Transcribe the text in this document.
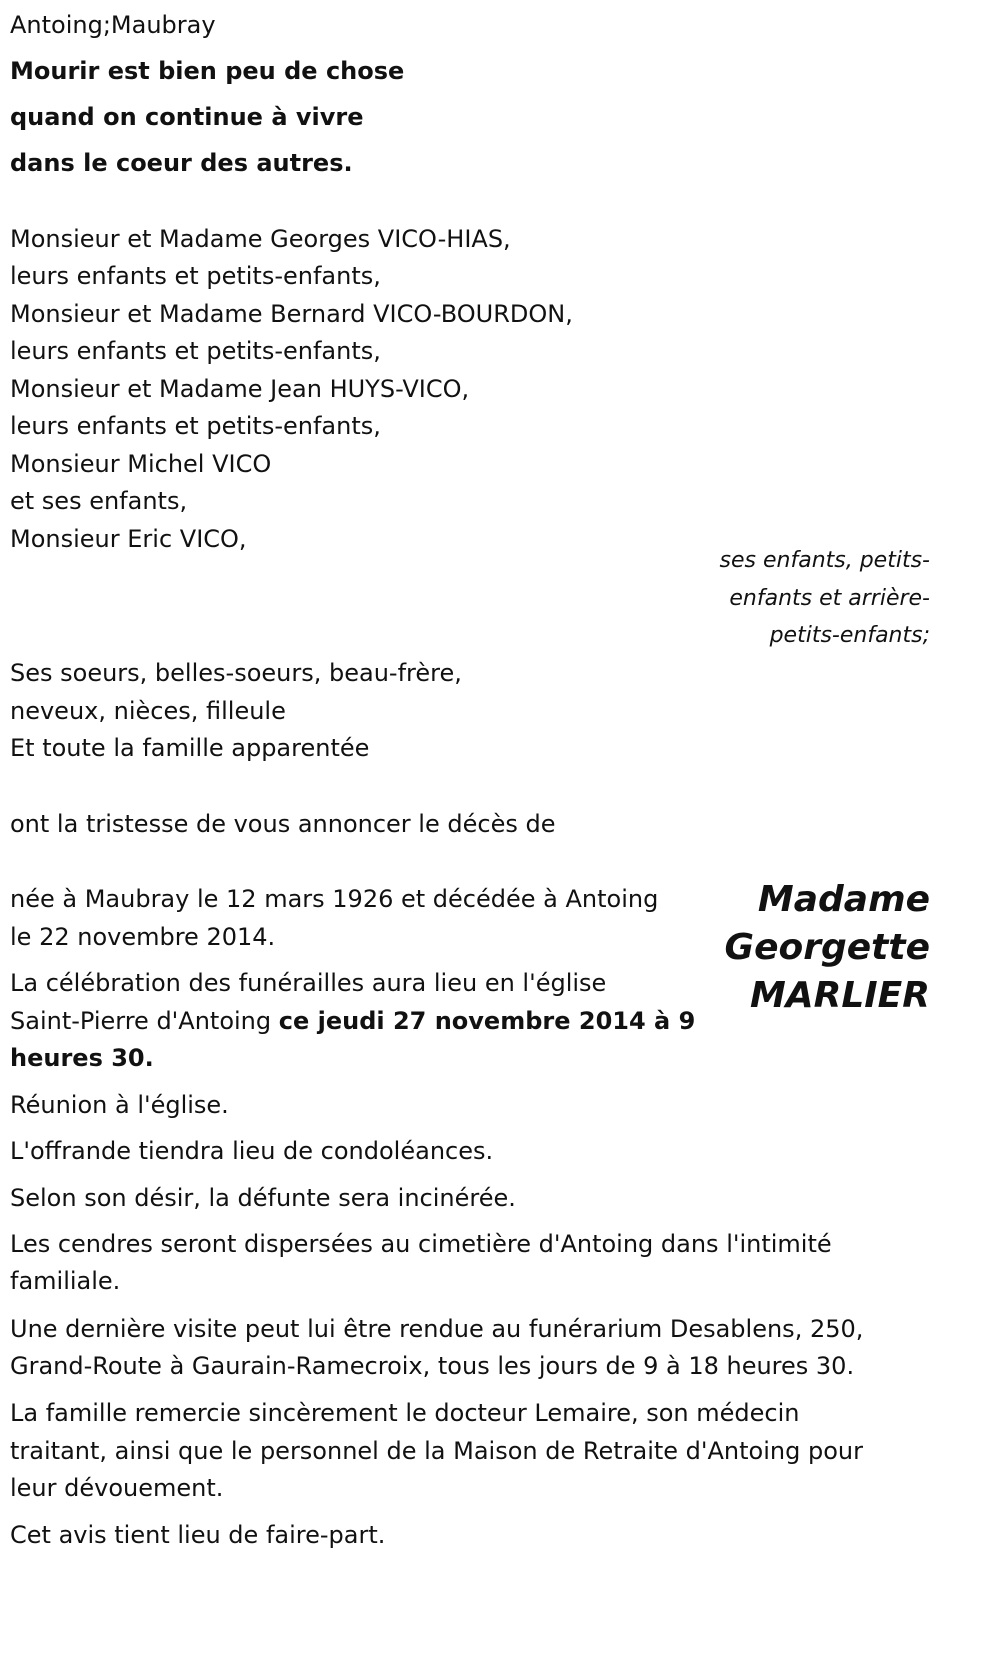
Antoing;Maubray
Mourir est bien peu de chose
quand on continue à vivre
dans le coeur des autres.
Monsieur et Madame Georges VICO-HIAS,
leurs enfants et petits-enfants,
Monsieur et Madame Bernard VICO-BOURDON,
leurs enfants et petits-enfants,
Monsieur et Madame Jean HUYS-VICO,
leurs enfants et petits-enfants,
Monsieur Michel VICO
et ses enfants,
Monsieur Eric VICO,
ses enfants, petits-
enfants et arrière-
petits-enfants;
Ses soeurs, belles-soeurs, beau-frère,
neveux, nièces, filleule
Et toute la famille apparentée
ont la tristesse de vous annoncer le décès de
Madame
Georgette
MARLIER
née à Maubray le 12 mars 1926 et décédée à Antoing
le 22 novembre 2014.
La célébration des funérailles aura lieu en l'église
Saint-Pierre d'Antoing ce jeudi 27 novembre 2014 à 9
heures 30.
Réunion à l'église.
L'offrande tiendra lieu de condoléances.
Selon son désir, la défunte sera incinérée.
Les cendres seront dispersées au cimetière d'Antoing dans l'intimité
familiale.
Une dernière visite peut lui être rendue au funérarium Desablens, 250,
Grand-Route à Gaurain-Ramecroix, tous les jours de 9 à 18 heures 30.
La famille remercie sincèrement le docteur Lemaire, son médecin
traitant, ainsi que le personnel de la Maison de Retraite d'Antoing pour
leur dévouement.
Cet avis tient lieu de faire-part.
